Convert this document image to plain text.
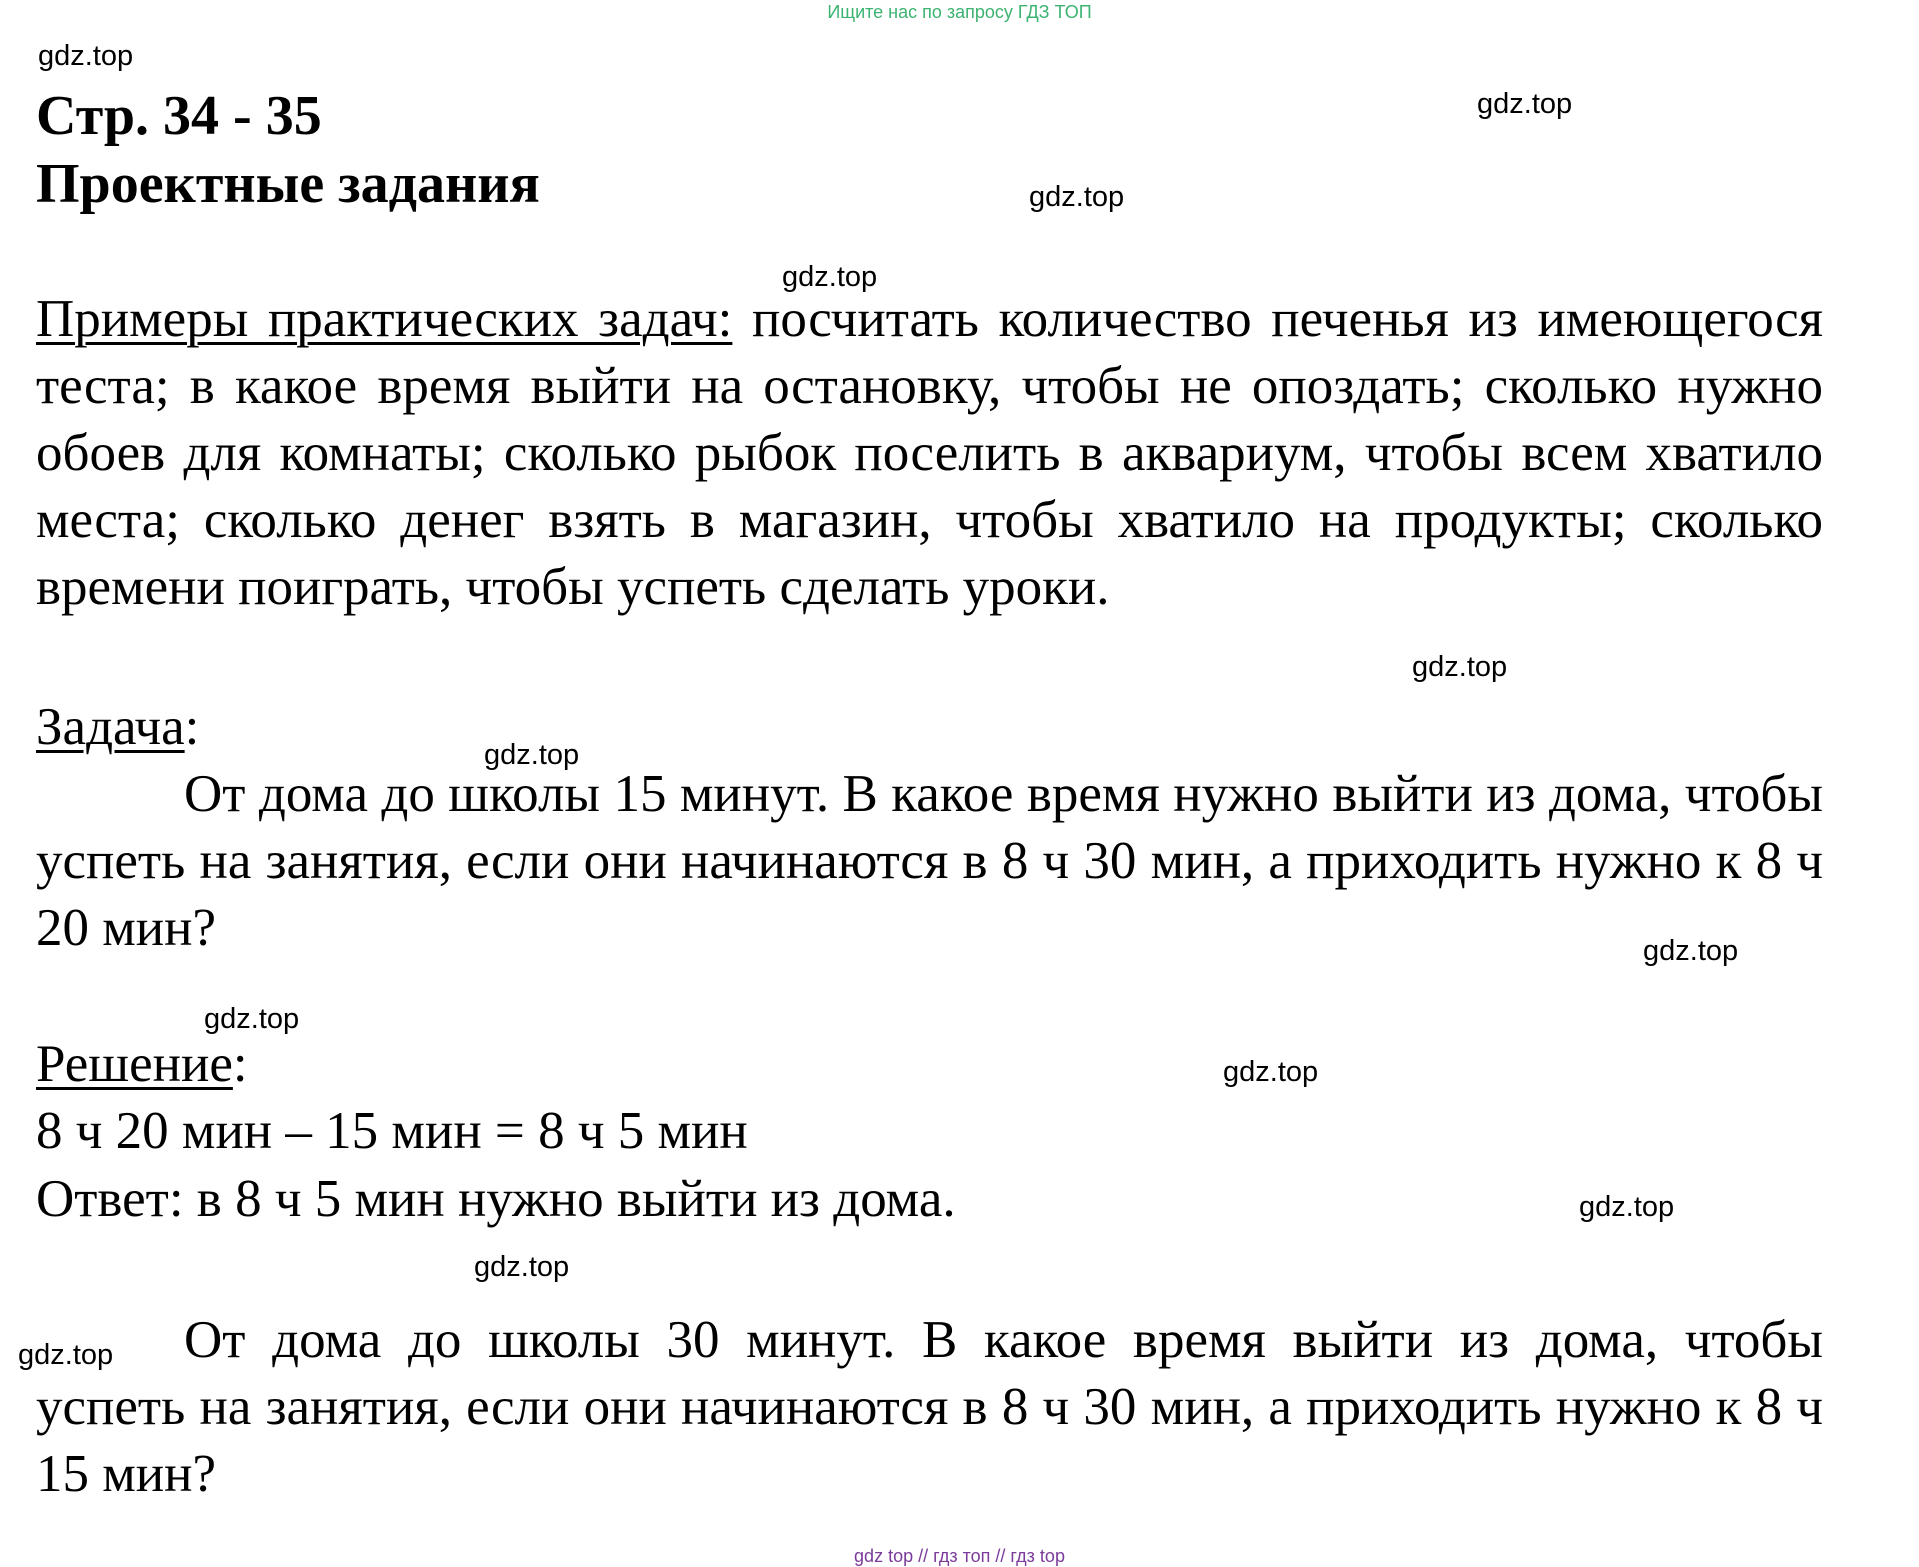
Ищите нас по запросу ГДЗ ТОП
gdz.top
gdz.top
gdz.top
gdz.top
gdz.top
gdz.top
gdz.top
gdz.top
gdz.top
gdz.top
gdz.top
gdz.top
Стр. 34 - 35
Проектные задания
Примеры практических задач: посчитать количество печенья из имеющегося теста; в какое время выйти на остановку, чтобы не опоздать; сколько нужно обоев для комнаты; сколько рыбок поселить в аквариум, чтобы всем хватило места; сколько денег взять в магазин, чтобы хватило на продукты; сколько времени поиграть, чтобы успеть сделать уроки.
Задача:
От дома до школы 15 минут. В какое время нужно выйти из дома, чтобы успеть на занятия, если они начинаются в 8 ч 30 мин, а приходить нужно к 8 ч 20 мин?
Решение:
8 ч 20 мин – 15 мин = 8 ч 5 мин
Ответ: в 8 ч 5 мин нужно выйти из дома.
От дома до школы 30 минут. В какое время выйти из дома, чтобы успеть на занятия, если они начинаются в 8 ч 30 мин, а приходить нужно к 8 ч 15 мин?
gdz top // гдз топ // гдз top
